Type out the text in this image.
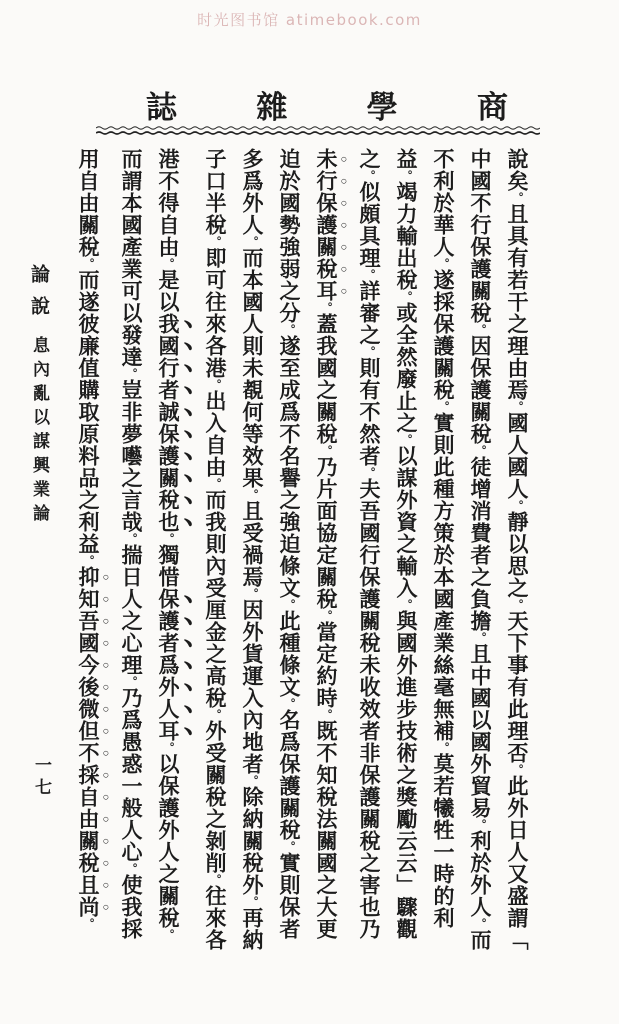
时光图书馆 atimebook.com
誌	雜	學	商
說矣。且具有若干之理由焉。國人國人。靜以思之。天下事有此理否。此外日人又盛謂「
中國不行保護關稅。因保護關稅。徒增消費者之負擔。且中國以國外貿易。利於外人。而
不利於華人。遂採保護關稅。實則此種方策於本國產業絲毫無補。莫若犧牲一時的利
益。竭力輸出稅。或全然廢止之。以謀外資之輸入。與國外進步技術之獎勵云云」驟觀
之。似頗具理。詳審之。則有不然者。夫吾國行保護關稅未收效者非保護關稅之害也乃
未行保護關稅耳。蓋我國之關稅。乃片面協定關稅。當定約時。既不知稅法關國之大更
迫於國勢強弱之分。遂至成爲不名譽之強迫條文。此種條文。名爲保護關稅。實則保者
多爲外人。而本國人則未覩何等效果。且受禍焉。因外貨運入內地者。除納關稅外。再納
子口半稅。即可往來各港。出入自由。而我則內受厘金之高稅。外受關稅之剝削。往來各
港不得自由。是以我國行者誠保護關稅也。獨惜保護者爲外人耳。以保護外人之關稅。
而謂本國產業可以發達。豈非夢囈之言哉。揣日人之心理。乃爲愚惑一般人心。使我採
用自由關稅。而遂彼廉值購取原料品之利益。抑知吾國今後微但不採自由關稅且尚。
論說
息內亂以謀興業論
一七
